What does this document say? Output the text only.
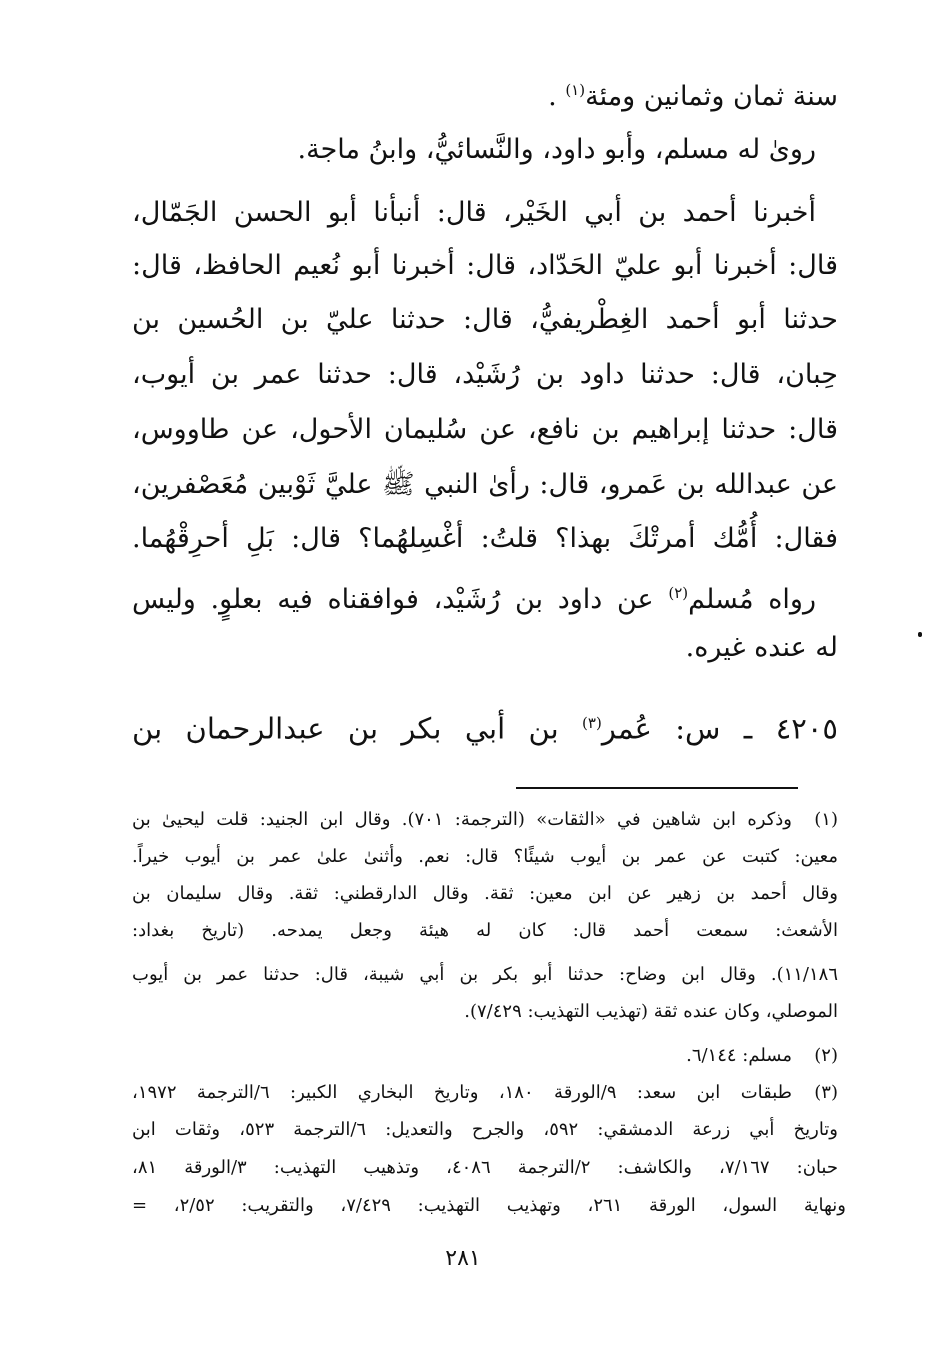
سنة ثمان وثمانين ومئة$^{(١)}$ .
روىٰ له مسلم، وأبو داود، والنَّسائيُّ، وابنُ ماجة.
أخبرنا أحمد بن أبي الخَيْر، قال: أنبأنا أبو الحسن الجَمّال،
قال: أخبرنا أبو عليّ الحَدّاد، قال: أخبرنا أبو نُعيم الحافظ، قال:
حدثنا أبو أحمد الغِطْريفيُّ، قال: حدثنا عليّ بن الحُسين بن
حِبان، قال: حدثنا داود بن رُشَيْد، قال: حدثنا عمر بن أيوب،
قال: حدثنا إبراهيم بن نافع، عن سُليمان الأحول، عن طاووس،
عن عبدالله بن عَمرو، قال: رأىٰ النبي ﷺ عليَّ ثَوْبين مُعَصْفرين،
فقال: أُمُّك أمرتْكَ بهذا؟ قلتُ: أغْسِلهُما؟ قال: بَلِ أحرِقْهُما.
رواه مُسلم$^{(٢)}$ عن داود بن رُشَيْد، فوافقناه فيه بعلوٍ. وليس
له عنده غيره.
٤٢٠٥ ـ س: عُمر$^{(٣)}$ بن أبي بكر بن عبدالرحمان بن
(١)
وذكره ابن شاهين في «الثقات» (الترجمة: ٧٠١). وقال ابن الجنيد: قلت ليحيىٰ بن
معين: كتبت عن عمر بن أيوب شيئًا؟ قال: نعم. وأثنىٰ علىٰ عمر بن أيوب خيراً.
وقال أحمد بن زهير عن ابن معين: ثقة. وقال الدارقطني: ثقة. وقال سليمان بن
الأشعث: سمعت أحمد قال: كان له هيئة وجعل يمدحه. (تاريخ بغداد:
١١/١٨٦). وقال ابن وضاح: حدثنا أبو بكر بن أبي شيبة، قال: حدثنا عمر بن أيوب
الموصلي، وكان عنده ثقة (تهذيب التهذيب: ٧/٤٢٩).
(٢)
مسلم: ٦/١٤٤.
(٣)
طبقات ابن سعد: ٩/الورقة ١٨٠، وتاريخ البخاري الكبير: ٦/الترجمة ١٩٧٢،
وتاريخ أبي زرعة الدمشقي: ٥٩٢، والجرح والتعديل: ٦/الترجمة ٥٢٣، وثقات ابن
حبان: ٧/١٦٧، والكاشف: ٢/الترجمة ٤٠٨٦، وتذهيب التهذيب: ٣/الورقة ٨١،
ونهاية السول، الورقة ٢٦١، وتهذيب التهذيب: ٧/٤٢٩، والتقريب: ٢/٥٢، =
٢٨١
